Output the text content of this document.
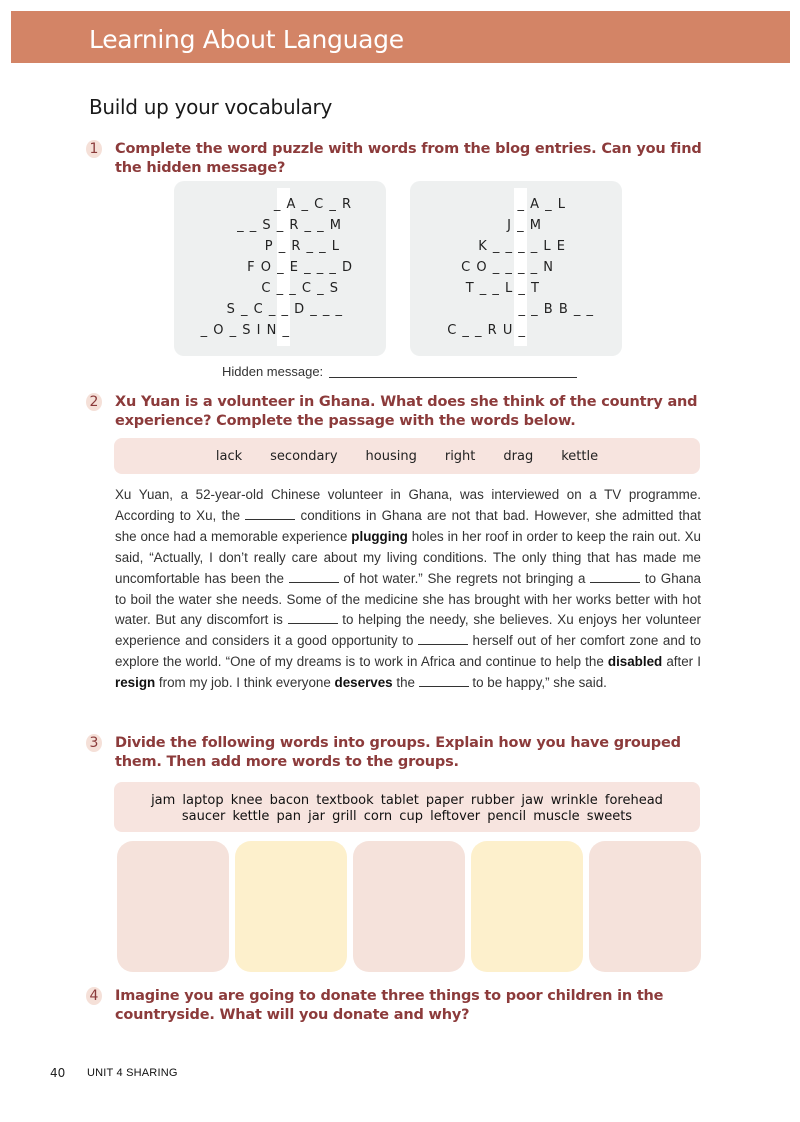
Learning About Language
Build up your vocabulary
1 Complete the word puzzle with words from the blog entries. Can you find the hidden message?
_ A _ C _ R
_ _ S _ R _ _ M
P _ R _ _ L
F O _ E _ _ _ D
C _ _ C _ S
S _ C _ _ D _ _ _
_ O _ S I N _
_ A _ L
J _ M
K _ _ _ _ L E
C O _ _ _ _ N
T _ _ L _ T
_ _ B B _ _
C _ _ R U _
Hidden message:
2 Xu Yuan is a volunteer in Ghana. What does she think of the country and experience? Complete the passage with the words below.
lack secondary housing right drag kettle
Xu Yuan, a 52-year-old Chinese volunteer in Ghana, was interviewed on a TV programme. According to Xu, the	conditions in Ghana are not that bad. However, she admitted that she once had a memorable experience plugging holes in her roof in order to keep the rain out. Xu said, “Actually, I don’t really care about my living conditions. The only thing that has made me uncomfortable has been the	of hot water.” She regrets not bringing a	to Ghana to boil the water she needs. Some of the medicine she has brought with her works better with hot water. But any discomfort is	to helping the needy, she believes. Xu enjoys her volunteer experience and considers it a good opportunity to	herself out of her comfort zone and to explore the world. “One of my dreams is to work in Africa and continue to help the disabled after I resign from my job. I think everyone deserves the	to be happy,” she said.
3 Divide the following words into groups. Explain how you have grouped them. Then add more words to the groups.
jam laptop knee bacon textbook tablet paper rubber jaw wrinkle forehead
saucer kettle pan jar grill corn cup leftover pencil muscle sweets
4 Imagine you are going to donate three things to poor children in the countryside. What will you donate and why?
40 UNIT 4 SHARING
